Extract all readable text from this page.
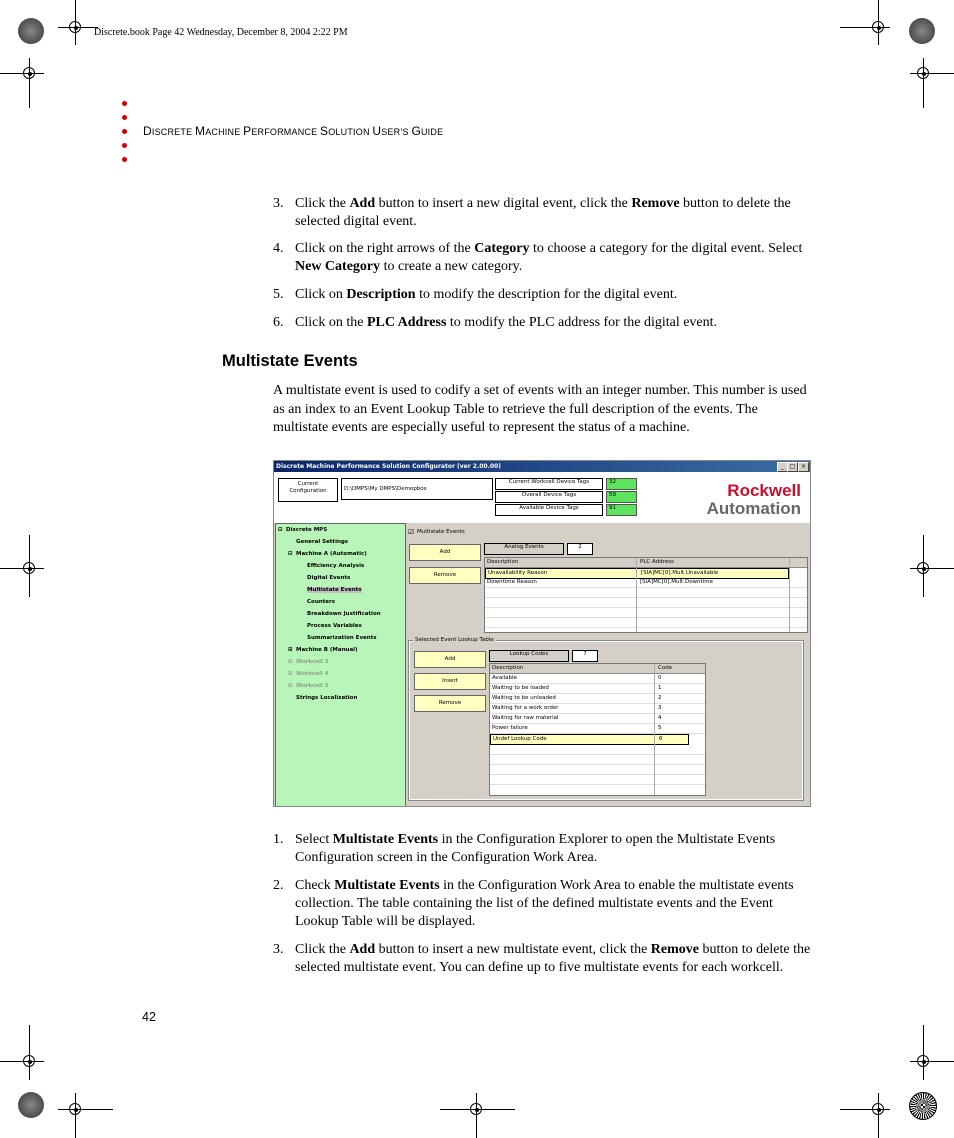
Discrete.book Page 42 Wednesday, December 8, 2004 2:22 PM
DISCRETE MACHINE PERFORMANCE SOLUTION USER’S GUIDE
3. Click the Add button to insert a new digital event, click the Remove button to delete the selected digital event.
4. Click on the right arrows of the Category to choose a category for the digital event. Select New Category to create a new category.
5. Click on Description to modify the description for the digital event.
6. Click on the PLC Address to modify the PLC address for the digital event.
Multistate Events
A multistate event is used to codify a set of events with an integer number. This number is used as an index to an Event Lookup Table to retrieve the full description of the events. The multistate events are especially useful to represent the status of a machine.
Discrete Machine Performance Solution Configurator (ver 2.00.00)	_ □ ×
Current Configuration	D:\DMPS\My DMPS\Demopbox
Current Workcell Device Tags	32
Overall Device Tags	59
Available Device Tags	91
Rockwell
Automation
⊟ Discrete MPS
General Settings
⊟ Machine A (Automatic)
Efficiency Analysis
Digital Events
Multistate Events
Counters
Breakdown Justification
Process Variables
Summarization Events
⊞ Machine B (Manual)
⊞ Workcell 3
⊞ Workcell 4
⊞ Workcell 5
Strings Localization
☑ Multistate Events
Add
Remove
Analog Events	2
Description	PLC Address
Unavailability Reason	[SIA]MC[0].Mult.Unavailable
Downtime Reason	[SIA]MC[0].Mult.Downtime
Selected Event Lookup Table
Add
Insert
Remove
Lookup Codes	7
Description	Code
Available	0
Waiting to be loaded	1
Waiting to be unloaded	2
Waiting for a work order	3
Waiting for raw material	4
Power failure	5
Undef Lookup Code	6
1. Select Multistate Events in the Configuration Explorer to open the Multistate Events Configuration screen in the Configuration Work Area.
2. Check Multistate Events in the Configuration Work Area to enable the multistate events collection. The table containing the list of the defined multistate events and the Event Lookup Table will be displayed.
3. Click the Add button to insert a new multistate event, click the Remove button to delete the selected multistate event. You can define up to five multistate events for each workcell.
42
